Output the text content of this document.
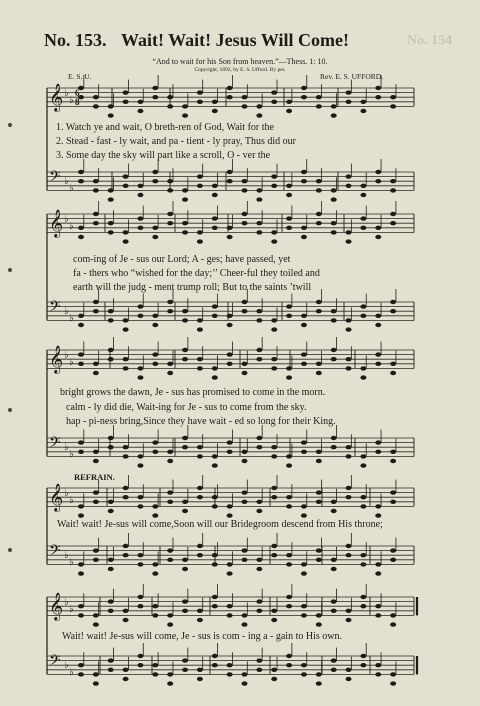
No. 153. Wait! Wait! Jesus Will Come!	No. 154
“And to wait for his Son from heaven.”—Thess. 1: 10.
Copyright, 1892, by E. S. Ufford. By per.
E. S. U.	Rev. E. S. UFFORD.
𝄞 ♭
♭
𝄢 ♭
♭
6
8
𝄞 ♭
♭
𝄢 ♭
♭
𝄞 ♭
♭
𝄢 ♭
♭
𝄞 ♭
♭
𝄢 ♭
♭
𝄞 ♭
♭
𝄢 ♭
♭
1. Watch ye and wait, O breth-ren of God, Wait for the
2. Stead - fast - ly wait, and pa - tient - ly pray, Thus did our
3. Some day the sky will part like a scroll, O - ver the
com-ing of Je - sus our Lord; A - ges; have passed, yet
fa - thers who “wished for the day;’’ Cheer-ful they toiled and
earth will the judg - ment trump roll; But to the saints ’twill
bright grows the dawn, Je - sus has promised to come in the morn.
calm - ly did die, Wait-ing for Je - sus to come from the sky.
hap - pi-ness bring,Since they have wait - ed so long for their King.
REFRAIN.
Wait! wait! Je-sus will come,Soon will our Bridegroom descend from His throne;
Wait! wait! Je-sus will come, Je - sus is com - ing a - gain to His own.
